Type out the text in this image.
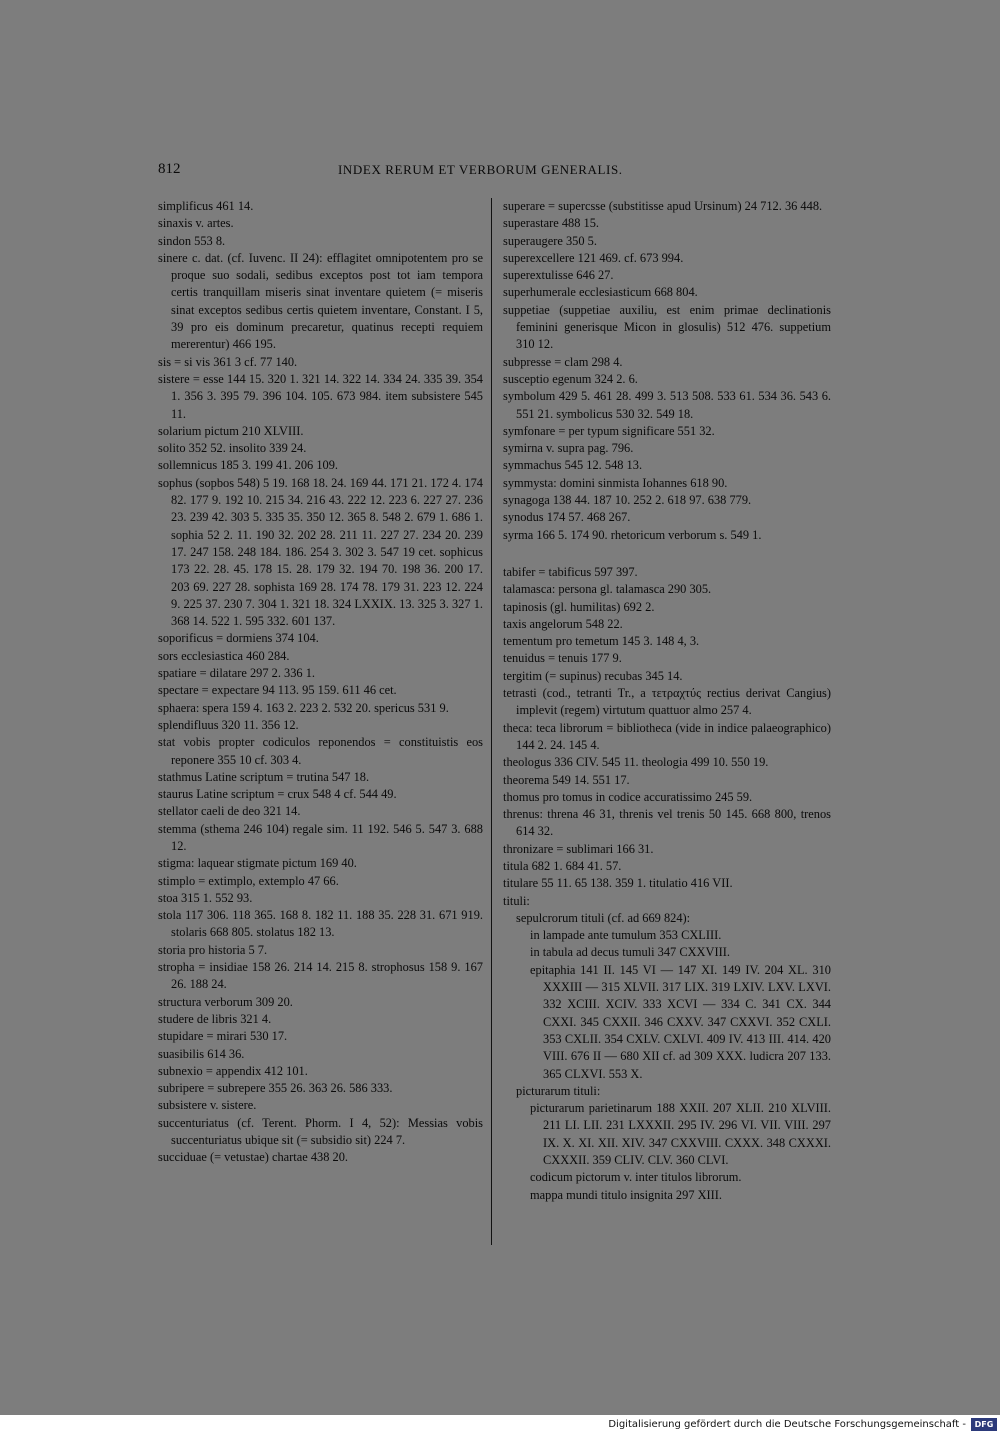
812	INDEX RERUM ET VERBORUM GENERALIS.
simplificus 461 14.
sinaxis v. artes.
sindon 553 8.
sinere c. dat. (cf. Iuvenc. II 24): efflagitet omnipotentem pro se proque suo sodali, sedibus exceptos post tot iam tempora certis tranquillam miseris sinat inventare quietem (= miseris sinat exceptos sedibus certis quietem inventare, Constant. I 5, 39 pro eis dominum precaretur, quatinus recepti requiem mererentur) 466 195.
sis = si vis 361 3 cf. 77 140.
sistere = esse 144 15. 320 1. 321 14. 322 14. 334 24. 335 39. 354 1. 356 3. 395 79. 396 104. 105. 673 984. item subsistere 545 11.
solarium pictum 210 XLVIII.
solito 352 52. insolito 339 24.
sollemnicus 185 3. 199 41. 206 109.
sophus (sopbos 548) 5 19. 168 18. 24. 169 44. 171 21. 172 4. 174 82. 177 9. 192 10. 215 34. 216 43. 222 12. 223 6. 227 27. 236 23. 239 42. 303 5. 335 35. 350 12. 365 8. 548 2. 679 1. 686 1. sophia 52 2. 11. 190 32. 202 28. 211 11. 227 27. 234 20. 239 17. 247 158. 248 184. 186. 254 3. 302 3. 547 19 cet. sophicus 173 22. 28. 45. 178 15. 28. 179 32. 194 70. 198 36. 200 17. 203 69. 227 28. sophista 169 28. 174 78. 179 31. 223 12. 224 9. 225 37. 230 7. 304 1. 321 18. 324 LXXIX. 13. 325 3. 327 1. 368 14. 522 1. 595 332. 601 137.
soporificus = dormiens 374 104.
sors ecclesiastica 460 284.
spatiare = dilatare 297 2. 336 1.
spectare = expectare 94 113. 95 159. 611 46 cet.
sphaera: spera 159 4. 163 2. 223 2. 532 20. spericus 531 9.
splendifluus 320 11. 356 12.
stat vobis propter codiculos reponendos = constituistis eos reponere 355 10 cf. 303 4.
stathmus Latine scriptum = trutina 547 18.
staurus Latine scriptum = crux 548 4 cf. 544 49.
stellator caeli de deo 321 14.
stemma (sthema 246 104) regale sim. 11 192. 546 5. 547 3. 688 12.
stigma: laquear stigmate pictum 169 40.
stimplo = extimplo, extemplo 47 66.
stoa 315 1. 552 93.
stola 117 306. 118 365. 168 8. 182 11. 188 35. 228 31. 671 919. stolaris 668 805. stolatus 182 13.
storia pro historia 5 7.
stropha = insidiae 158 26. 214 14. 215 8. strophosus 158 9. 167 26. 188 24.
structura verborum 309 20.
studere de libris 321 4.
stupidare = mirari 530 17.
suasibilis 614 36.
subnexio = appendix 412 101.
subripere = subrepere 355 26. 363 26. 586 333.
subsistere v. sistere.
succenturiatus (cf. Terent. Phorm. I 4, 52): Messias vobis succenturiatus ubique sit (= subsidio sit) 224 7.
succiduae (= vetustae) chartae 438 20.
superare = supercsse (substitisse apud Ursinum) 24 712. 36 448.
superastare 488 15.
superaugere 350 5.
superexcellere 121 469. cf. 673 994.
superextulisse 646 27.
superhumerale ecclesiasticum 668 804.
suppetiae (suppetiae auxiliu, est enim primae declinationis feminini generisque Micon in glosulis) 512 476. suppetium 310 12.
subpresse = clam 298 4.
susceptio egenum 324 2. 6.
symbolum 429 5. 461 28. 499 3. 513 508. 533 61. 534 36. 543 6. 551 21. symbolicus 530 32. 549 18.
symfonare = per typum significare 551 32.
symirna v. supra pag. 796.
symmachus 545 12. 548 13.
symmysta: domini sinmista Iohannes 618 90.
synagoga 138 44. 187 10. 252 2. 618 97. 638 779.
synodus 174 57. 468 267.
syrma 166 5. 174 90. rhetoricum verborum s. 549 1.
tabifer = tabificus 597 397.
talamasca: persona gl. talamasca 290 305.
tapinosis (gl. humilitas) 692 2.
taxis angelorum 548 22.
tementum pro temetum 145 3. 148 4, 3.
tenuidus = tenuis 177 9.
tergitim (= supinus) recubas 345 14.
tetrasti (cod., tetranti Tr., a τετραχτύς rectius derivat Cangius) implevit (regem) virtutum quattuor almo 257 4.
theca: teca librorum = bibliotheca (vide in indice palaeographico) 144 2. 24. 145 4.
theologus 336 CIV. 545 11. theologia 499 10. 550 19.
theorema 549 14. 551 17.
thomus pro tomus in codice accuratissimo 245 59.
threnus: threna 46 31, threnis vel trenis 50 145. 668 800, trenos 614 32.
thronizare = sublimari 166 31.
titula 682 1. 684 41. 57.
titulare 55 11. 65 138. 359 1. titulatio 416 VII.
tituli:
sepulcrorum tituli (cf. ad 669 824):
in lampade ante tumulum 353 CXLIII.
in tabula ad decus tumuli 347 CXXVIII.
epitaphia 141 II. 145 VI — 147 XI. 149 IV. 204 XL. 310 XXXIII — 315 XLVII. 317 LIX. 319 LXIV. LXV. LXVI. 332 XCIII. XCIV. 333 XCVI — 334 C. 341 CX. 344 CXXI. 345 CXXII. 346 CXXV. 347 CXXVI. 352 CXLI. 353 CXLII. 354 CXLV. CXLVI. 409 IV. 413 III. 414. 420 VIII. 676 II — 680 XII cf. ad 309 XXX. ludicra 207 133. 365 CLXVI. 553 X.
picturarum tituli:
picturarum parietinarum 188 XXII. 207 XLII. 210 XLVIII. 211 LI. LII. 231 LXXXII. 295 IV. 296 VI. VII. VIII. 297 IX. X. XI. XII. XIV. 347 CXXVIII. CXXX. 348 CXXXI. CXXXII. 359 CLIV. CLV. 360 CLVI.
codicum pictorum v. inter titulos librorum.
mappa mundi titulo insignita 297 XIII.
Digitalisierung gefördert durch die Deutsche Forschungsgemeinschaft -	DFG
